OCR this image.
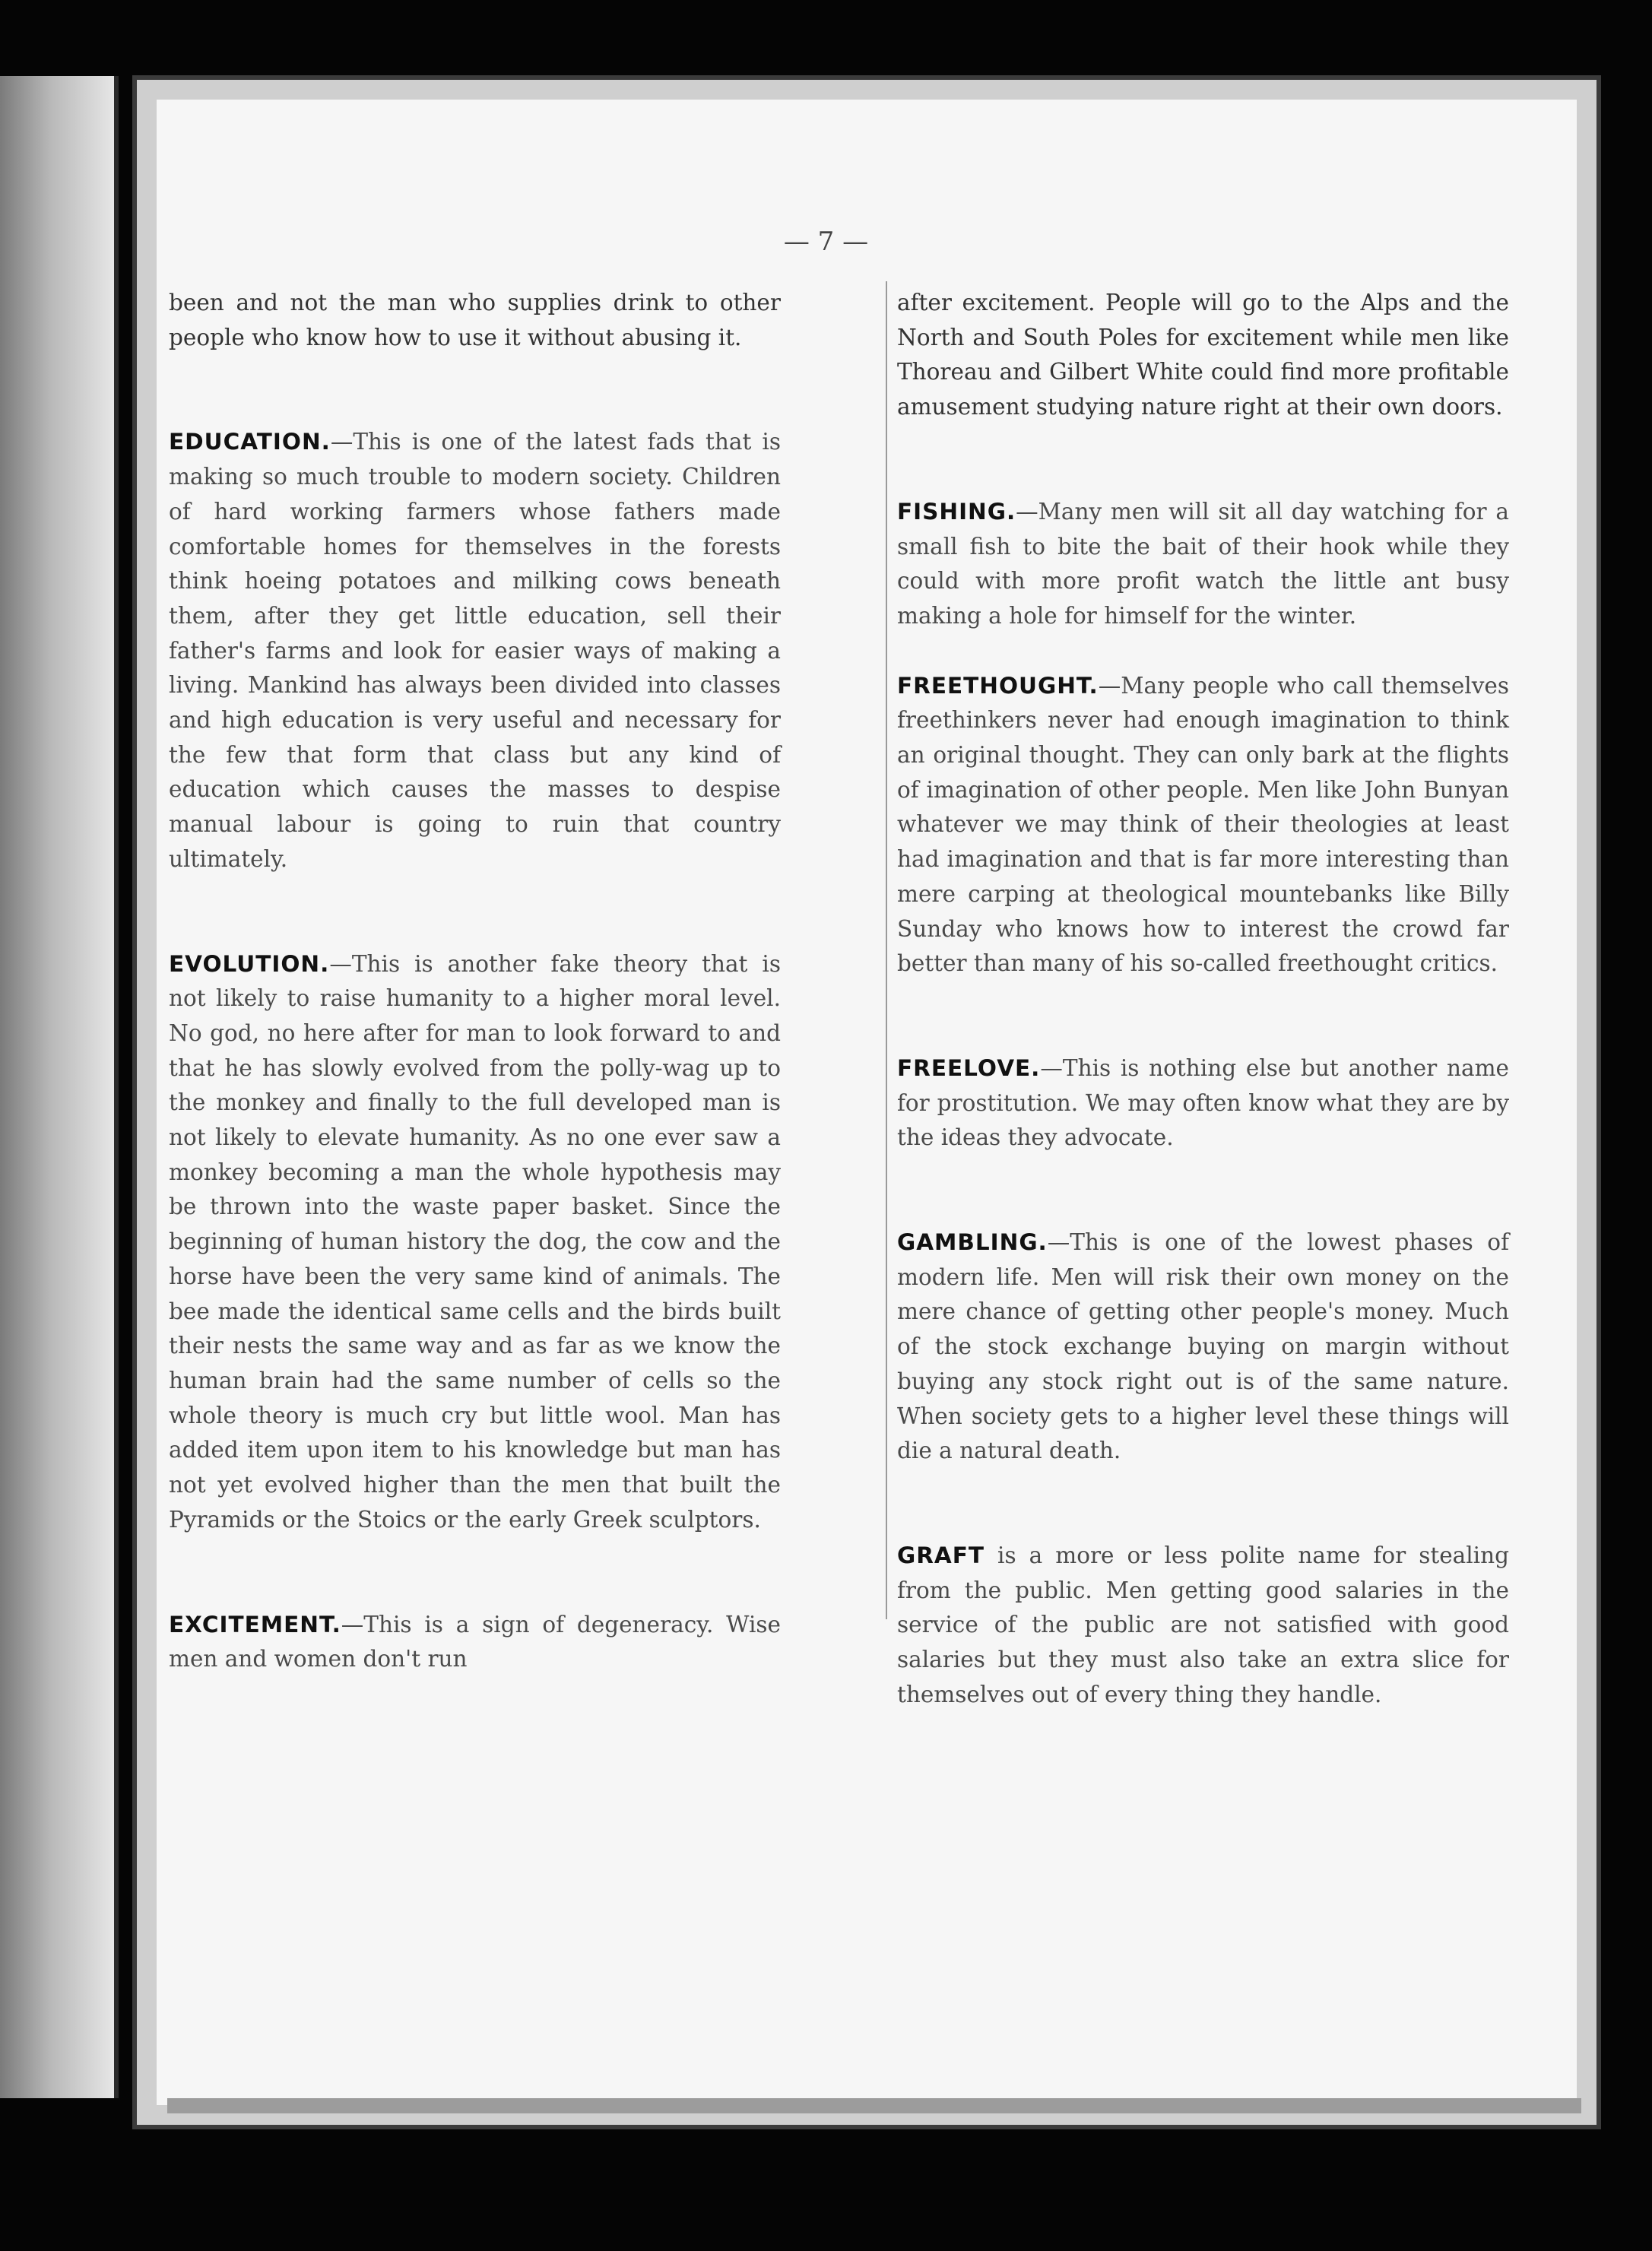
— 7 —

been and not the man who supplies drink to other people who know how to use it without abusing it.

EDUCATION.—This is one of the latest fads that is making so much trouble to modern society. Children of hard working farmers whose fathers made comfortable homes for themselves in the forests think hoeing potatoes and milking cows beneath them, after they get little education, sell their father's farms and look for easier ways of making a living. Mankind has always been divided into classes and high education is very useful and necessary for the few that form that class but any kind of education which causes the masses to despise manual labour is going to ruin that country ultimately.

EVOLUTION.—This is another fake theory that is not likely to raise humanity to a higher moral level. No god, no here after for man to look forward to and that he has slowly evolved from the polly-wag up to the monkey and finally to the full developed man is not likely to elevate humanity. As no one ever saw a monkey becoming a man the whole hypothesis may be thrown into the waste paper basket. Since the beginning of human history the dog, the cow and the horse have been the very same kind of animals. The bee made the identical same cells and the birds built their nests the same way and as far as we know the human brain had the same number of cells so the whole theory is much cry but little wool. Man has added item upon item to his knowledge but man has not yet evolved higher than the men that built the Pyramids or the Stoics or the early Greek sculptors.

EXCITEMENT.—This is a sign of degeneracy. Wise men and women don't run

after excitement. People will go to the Alps and the North and South Poles for excitement while men like Thoreau and Gilbert White could find more profitable amusement studying nature right at their own doors.

FISHING.—Many men will sit all day watching for a small fish to bite the bait of their hook while they could with more profit watch the little ant busy making a hole for himself for the winter.

FREETHOUGHT.—Many people who call themselves freethinkers never had enough imagination to think an original thought. They can only bark at the flights of imagination of other people. Men like John Bunyan whatever we may think of their theologies at least had imagination and that is far more interesting than mere carping at theological mountebanks like Billy Sunday who knows how to interest the crowd far better than many of his so-called freethought critics.

FREELOVE.—This is nothing else but another name for prostitution. We may often know what they are by the ideas they advocate.

GAMBLING.—This is one of the lowest phases of modern life. Men will risk their own money on the mere chance of getting other people's money. Much of the stock exchange buying on margin without buying any stock right out is of the same nature. When society gets to a higher level these things will die a natural death.

GRAFT is a more or less polite name for stealing from the public. Men getting good salaries in the service of the public are not satisfied with good salaries but they must also take an extra slice for themselves out of every thing they handle.
